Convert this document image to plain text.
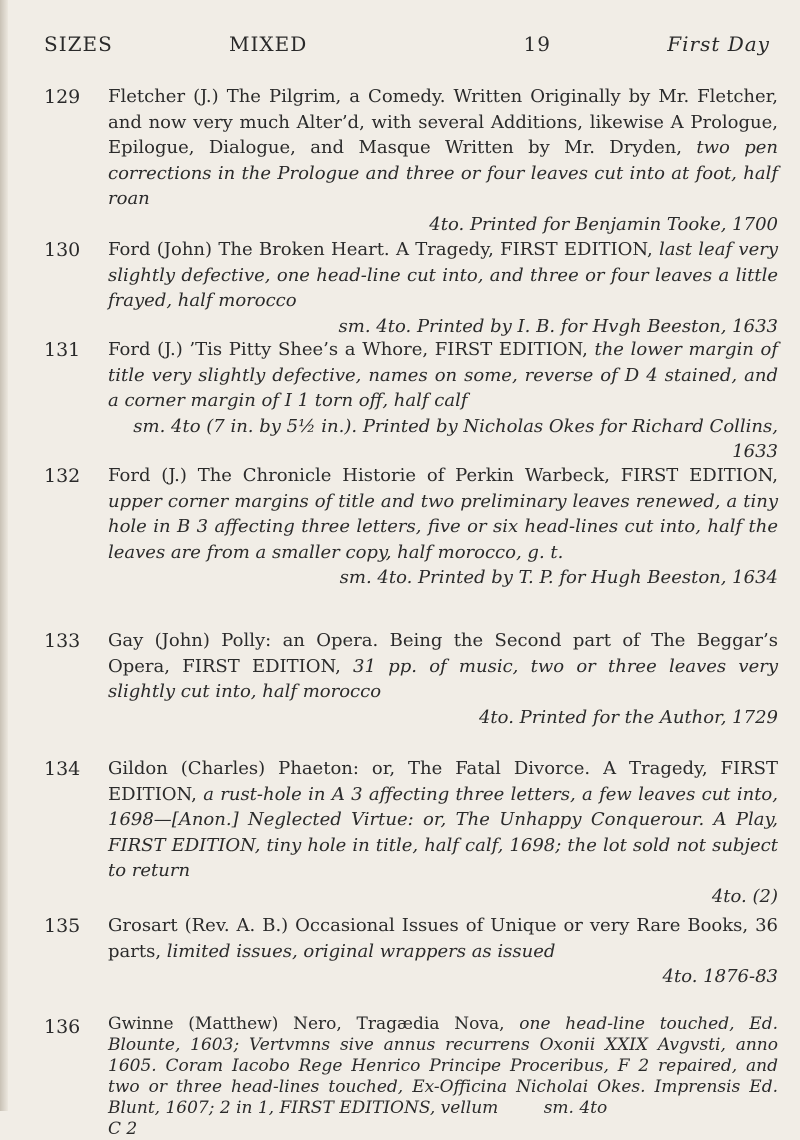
SIZES	MIXED	19	First Day
129	Fletcher (J.) The Pilgrim, a Comedy. Written Originally by Mr. Fletcher, and now very much Alter’d, with several Additions, likewise A Prologue, Epilogue, Dialogue, and Masque Written by Mr. Dryden, two pen corrections in the Prologue and three or four leaves cut into at foot, half roan
4to. Printed for Benjamin Tooke, 1700
130	Ford (John) The Broken Heart. A Tragedy, FIRST EDITION, last leaf very slightly defective, one head-line cut into, and three or four leaves a little frayed, half morocco
sm. 4to. Printed by I. B. for Hvgh Beeston, 1633
131	Ford (J.) ’Tis Pitty Shee’s a Whore, FIRST EDITION, the lower margin of title very slightly defective, names on some, reverse of D 4 stained, and a corner margin of I 1 torn off, half calf
sm. 4to (7 in. by 5½ in.). Printed by Nicholas Okes for Richard Collins, 1633
132	Ford (J.) The Chronicle Historie of Perkin Warbeck, FIRST EDITION, upper corner margins of title and two preliminary leaves renewed, a tiny hole in B 3 affecting three letters, five or six head-lines cut into, half the leaves are from a smaller copy, half morocco, g. t.
sm. 4to. Printed by T. P. for Hugh Beeston, 1634
133	Gay (John) Polly: an Opera. Being the Second part of The Beggar’s Opera, FIRST EDITION, 31 pp. of music, two or three leaves very slightly cut into, half morocco
4to. Printed for the Author, 1729
134	Gildon (Charles) Phaeton: or, The Fatal Divorce. A Tragedy, FIRST EDITION, a rust-hole in A 3 affecting three letters, a few leaves cut into, 1698—[Anon.] Neglected Virtue: or, The Unhappy Conquerour. A Play, FIRST EDITION, tiny hole in title, half calf, 1698; the lot sold not subject to return
4to. (2)
135	Grosart (Rev. A. B.) Occasional Issues of Unique or very Rare Books, 36 parts, limited issues, original wrappers as issued
4to. 1876-83
136	Gwinne (Matthew) Nero, Tragædia Nova, one head-line touched, Ed. Blounte, 1603; Vertvmns sive annus recurrens Oxonii XXIX Avgvsti, anno 1605. Coram Iacobo Rege Henrico Principe Proceribus, F 2 repaired, and two or three head-lines touched, Ex-Officina Nicholai Okes. Imprensis Ed. Blunt, 1607; 2 in 1, FIRST EDITIONS, vellum	sm. 4to
C 2
